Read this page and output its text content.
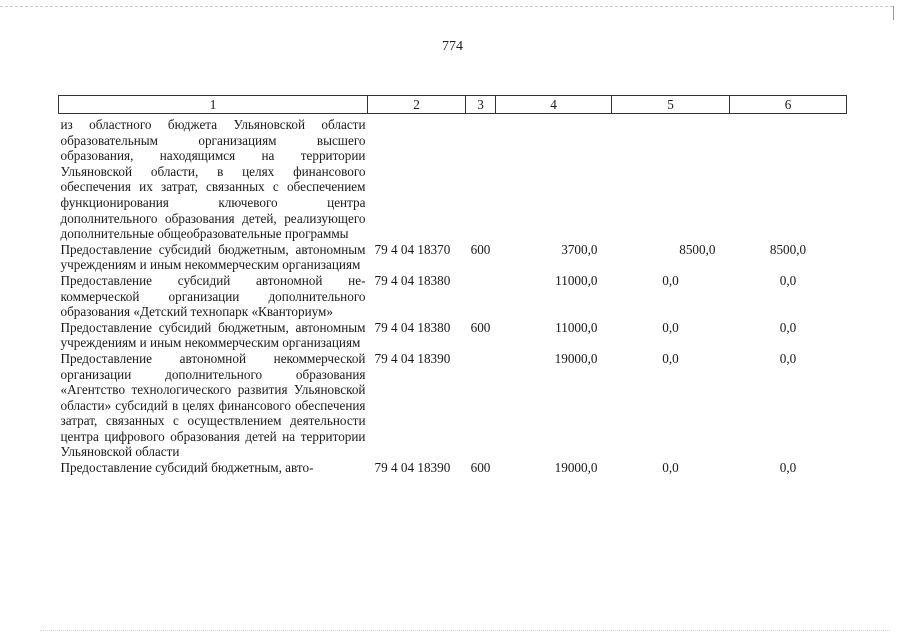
774
1	2	3	4	5	6
из областного бюджета Ульяновской области образовательным организациям высшего образования, находящимся на территории Ульяновской области, в целях финансового обеспечения их затрат, связанных с обеспечением функционирования ключевого центра дополнительного образования детей, реализующего дополнительные общеобразовательные программы					
Предоставление субсидий бюджетным, автономным учреждениям и иным некоммерческим организациям	79 4 04 18370	600	3700,0	8500,0	8500,0
Предоставление субсидий автономной некоммерческой организации дополнительного образования «Детский технопарк «Кванториум»	79 4 04 18380		11000,0	0,0	0,0
Предоставление субсидий бюджетным, автономным учреждениям и иным некоммерческим организациям	79 4 04 18380	600	11000,0	0,0	0,0
Предоставление автономной некоммерческой организации дополнительного образования «Агентство технологического развития Ульяновской области» субсидий в целях финансового обеспечения затрат, связанных с осуществлением деятельности центра цифрового образования детей на территории Ульяновской области	79 4 04 18390		19000,0	0,0	0,0
Предоставление субсидий бюджетным, авто-	79 4 04 18390	600	19000,0	0,0	0,0
